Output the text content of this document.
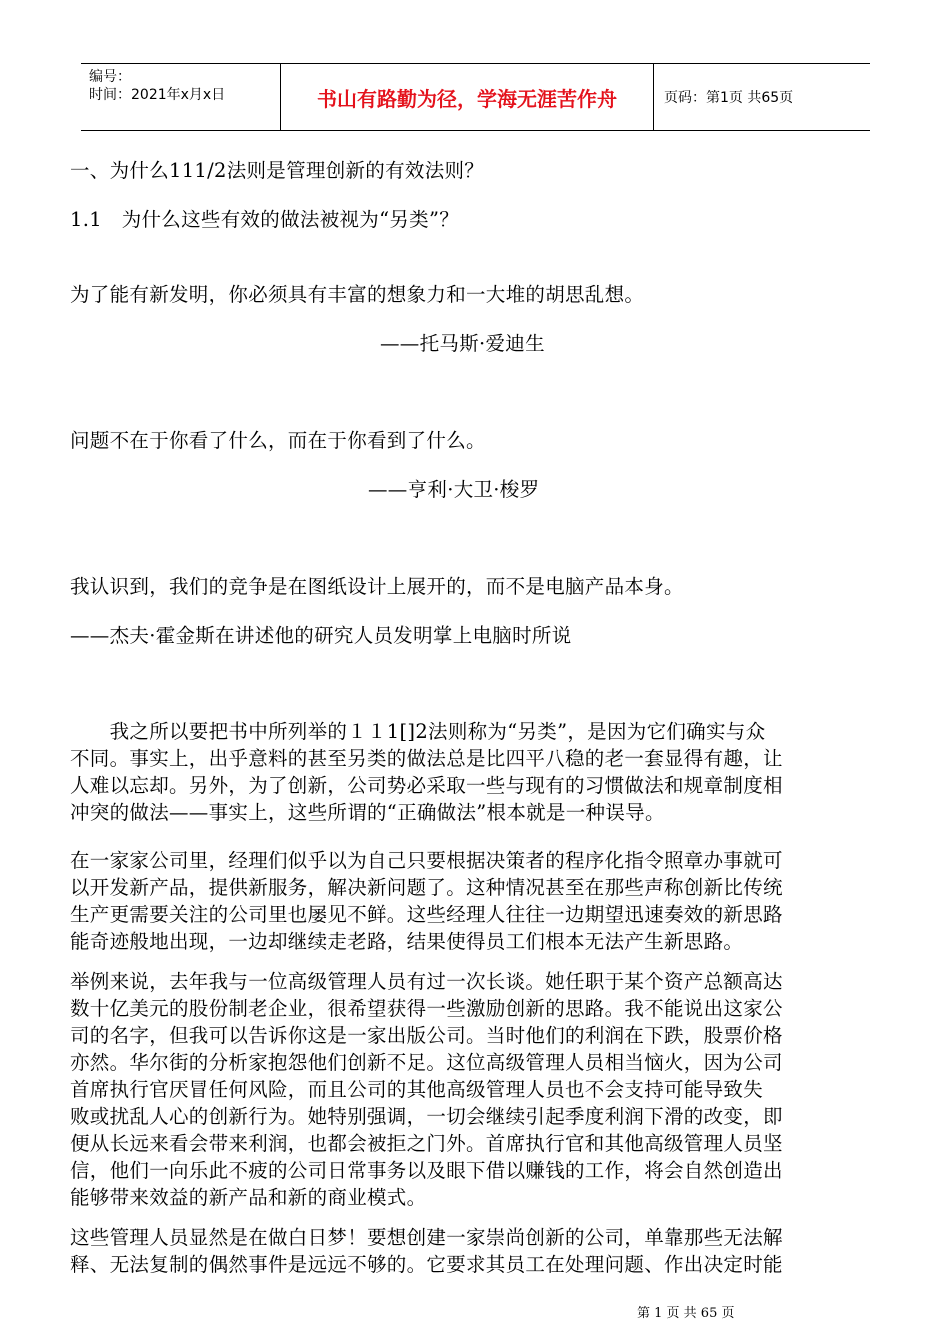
编号：
时间：2021年x月x日	书山有路勤为径，学海无涯苦作舟	页码：第1页 共65页
一、为什么111/2法则是管理创新的有效法则？
1.1　为什么这些有效的做法被视为“另类”？
为了能有新发明，你必须具有丰富的想象力和一大堆的胡思乱想。
——托马斯·爱迪生
问题不在于你看了什么，而在于你看到了什么。
——亨利·大卫·梭罗
我认识到，我们的竞争是在图纸设计上展开的，而不是电脑产品本身。
——杰夫·霍金斯在讲述他的研究人员发明掌上电脑时所说
　　我之所以要把书中所列举的１１1[]2法则称为“另类”，是因为它们确实与众
不同。事实上，出乎意料的甚至另类的做法总是比四平八稳的老一套显得有趣，让
人难以忘却。另外，为了创新，公司势必采取一些与现有的习惯做法和规章制度相
冲突的做法——事实上，这些所谓的“正确做法”根本就是一种误导。
在一家家公司里，经理们似乎以为自己只要根据决策者的程序化指令照章办事就可
以开发新产品，提供新服务，解决新问题了。这种情况甚至在那些声称创新比传统
生产更需要关注的公司里也屡见不鲜。这些经理人往往一边期望迅速奏效的新思路
能奇迹般地出现，一边却继续走老路，结果使得员工们根本无法产生新思路。
举例来说，去年我与一位高级管理人员有过一次长谈。她任职于某个资产总额高达
数十亿美元的股份制老企业，很希望获得一些激励创新的思路。我不能说出这家公
司的名字，但我可以告诉你这是一家出版公司。当时他们的利润在下跌，股票价格
亦然。华尔街的分析家抱怨他们创新不足。这位高级管理人员相当恼火，因为公司
首席执行官厌冒任何风险，而且公司的其他高级管理人员也不会支持可能导致失
败或扰乱人心的创新行为。她特别强调，一切会继续引起季度利润下滑的改变，即
便从长远来看会带来利润，也都会被拒之门外。首席执行官和其他高级管理人员坚
信，他们一向乐此不疲的公司日常事务以及眼下借以赚钱的工作，将会自然创造出
能够带来效益的新产品和新的商业模式。
这些管理人员显然是在做白日梦！要想创建一家崇尚创新的公司，单靠那些无法解
释、无法复制的偶然事件是远远不够的。它要求其员工在处理问题、作出决定时能
第 1 页 共 65 页
